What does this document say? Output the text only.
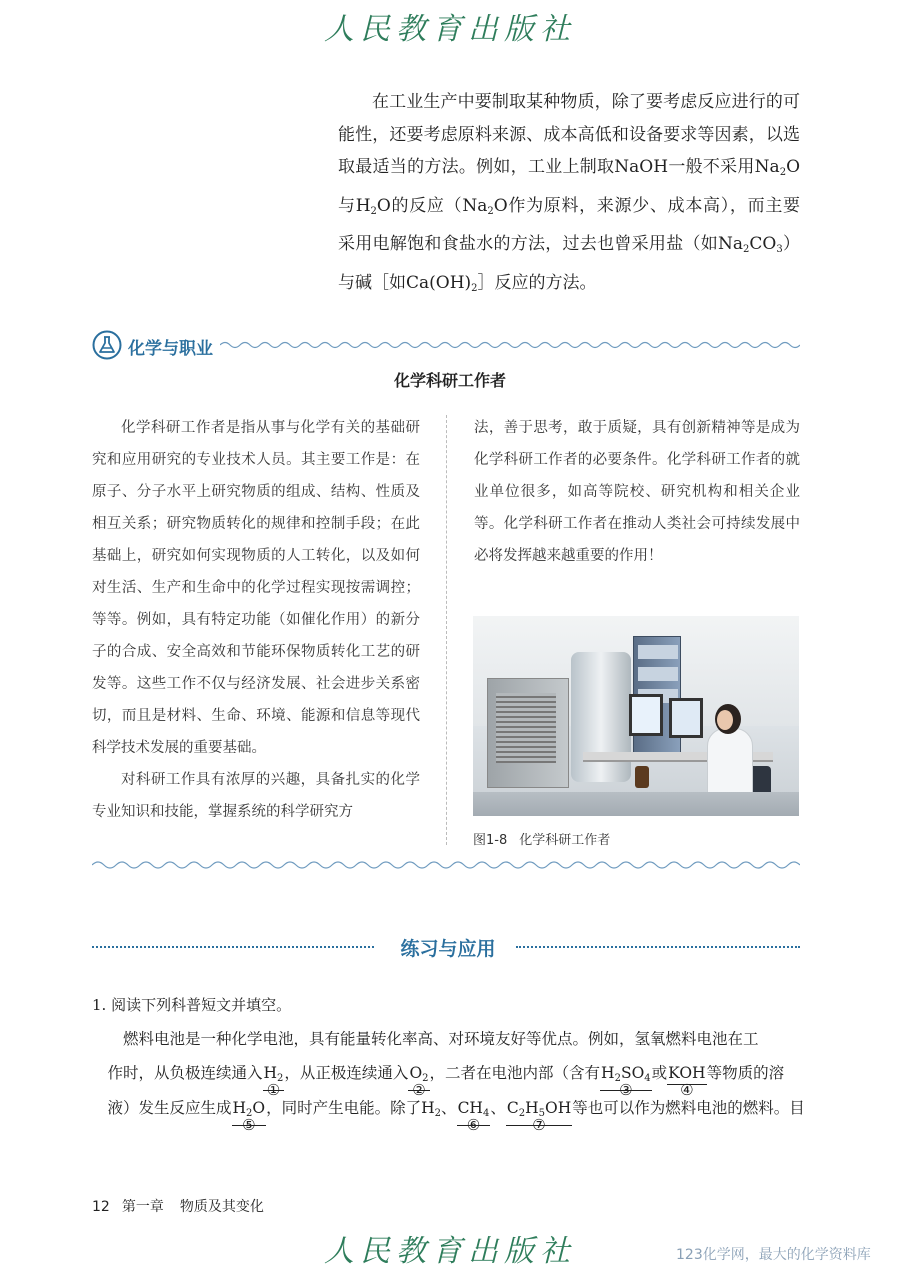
人民教育出版社

在工业生产中要制取某种物质，除了要考虑反应进行的可能性，还要考虑原料来源、成本高低和设备要求等因素，以选取最适当的方法。例如，工业上制取NaOH一般不采用$Na_2O$与$H_2O$的反应（$Na_2O$作为原料，来源少、成本高），而主要采用电解饱和食盐水的方法，过去也曾采用盐（如$Na_2CO_3$）与碱［如$Ca(OH)_2]$反应的方法。

化学与职业
化学科研工作者

化学科研工作者是指从事与化学有关的基础研究和应用研究的专业技术人员。其主要工作是：在原子、分子水平上研究物质的组成、结构、性质及相互关系；研究物质转化的规律和控制手段；在此基础上，研究如何实现物质的人工转化，以及如何对生活、生产和生命中的化学过程实现按需调控；等等。例如，具有特定功能（如催化作用）的新分子的合成、安全高效和节能环保物质转化工艺的研发等。这些工作不仅与经济发展、社会进步关系密切，而且是材料、生命、环境、能源和信息等现代科学技术发展的重要基础。

对科研工作具有浓厚的兴趣，具备扎实的化学专业知识和技能，掌握系统的科学研究方

法，善于思考，敢于质疑，具有创新精神等是成为化学科研工作者的必要条件。化学科研工作者的就业单位很多，如高等院校、研究机构和相关企业等。化学科研工作者在推动人类社会可持续发展中必将发挥越来越重要的作用！

图1-8 化学科研工作者
练习与应用
1. 阅读下列科普短文并填空。
燃料电池是一种化学电池，具有能量转化率高、对环境友好等优点。例如，氢氧燃料电池在工
作时，从负极连续通入$H_2$
①
，从正极连续通入$O_2$
②
，二者在电池内部（含有$H_2SO_4$
③
或KOH
④
等物质的溶
液）发生反应生成$H_2O$
⑤
，同时产生电能。除了$H_2$、$CH_4$
⑥
、$C_2H_5OH$
⑦
等也可以作为燃料电池的燃料。目
12 第一章 物质及其变化
人民教育出版社	123化学网，最大的化学资料库
